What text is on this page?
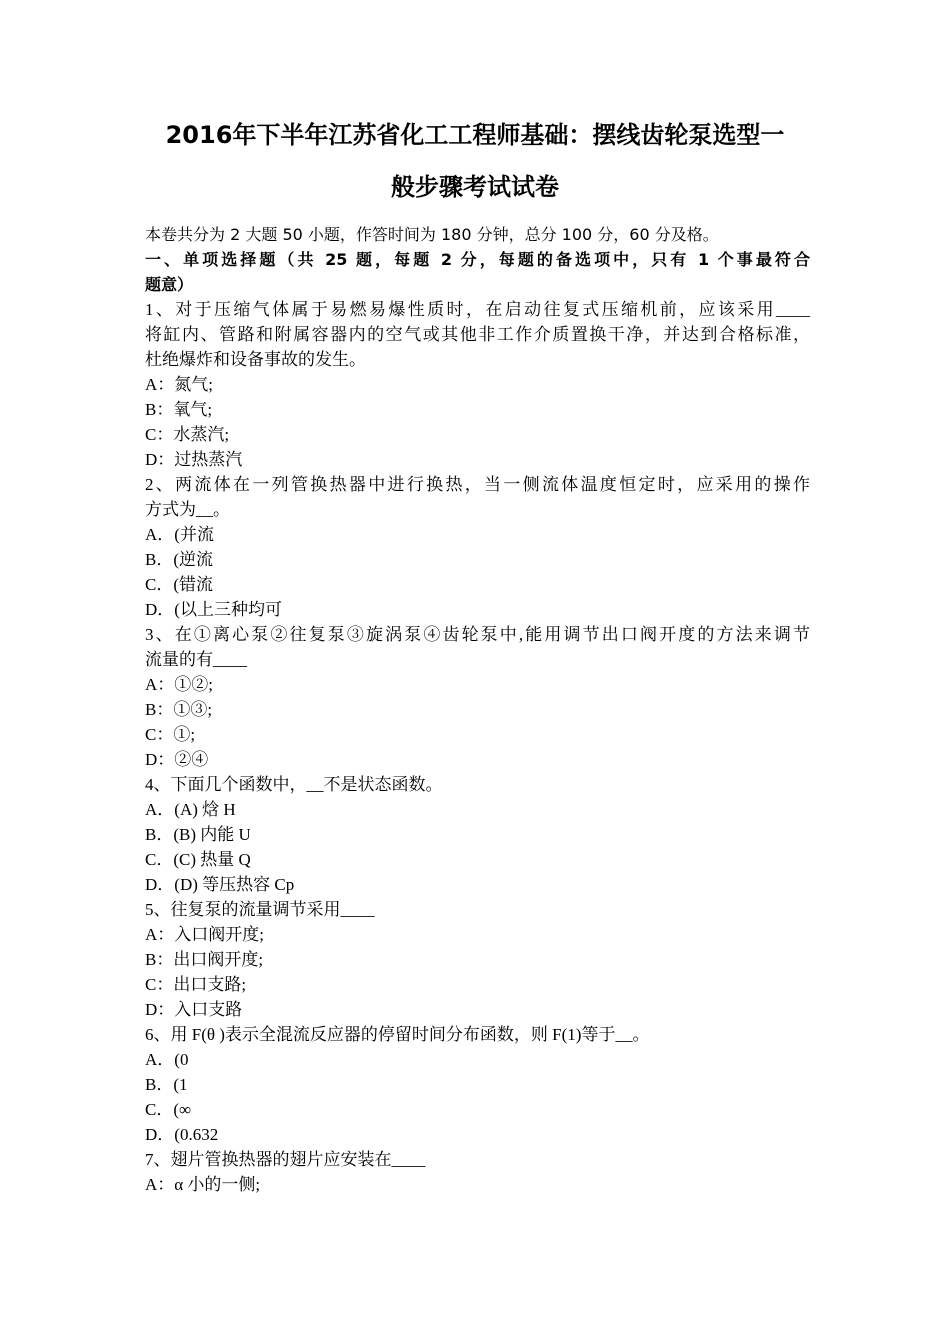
2016年下半年江苏省化工工程师基础：摆线齿轮泵选型一
般步骤考试试卷
本卷共分为 2 大题 50 小题，作答时间为 180 分钟，总分 100 分，60 分及格。
一、单项选择题（共 25 题，每题 2 分，每题的备选项中，只有 1 个事最符合
题意）
1、对于压缩气体属于易燃易爆性质时，在启动往复式压缩机前，应该采用____
将缸内、管路和附属容器内的空气或其他非工作介质置换干净，并达到合格标准，
杜绝爆炸和设备事故的发生。
A：氮气;
B：氧气;
C：水蒸汽;
D：过热蒸汽
2、两流体在一列管换热器中进行换热，当一侧流体温度恒定时，应采用的操作
方式为__。
A．(并流
B．(逆流
C．(错流
D．(以上三种均可
3、在①离心泵②往复泵③旋涡泵④齿轮泵中,能用调节出口阀开度的方法来调节
流量的有____
A：①②;
B：①③;
C：①;
D：②④
4、下面几个函数中，__不是状态函数。
A．(A) 焓 H
B．(B) 内能 U
C．(C) 热量 Q
D．(D) 等压热容 Cp
5、往复泵的流量调节采用____
A：入口阀开度;
B：出口阀开度;
C：出口支路;
D：入口支路
6、用 F(θ )表示全混流反应器的停留时间分布函数，则 F(1)等于__。
A．(0
B．(1
C．(∞
D．(0.632
7、翅片管换热器的翅片应安装在____
A：α 小的一侧;
